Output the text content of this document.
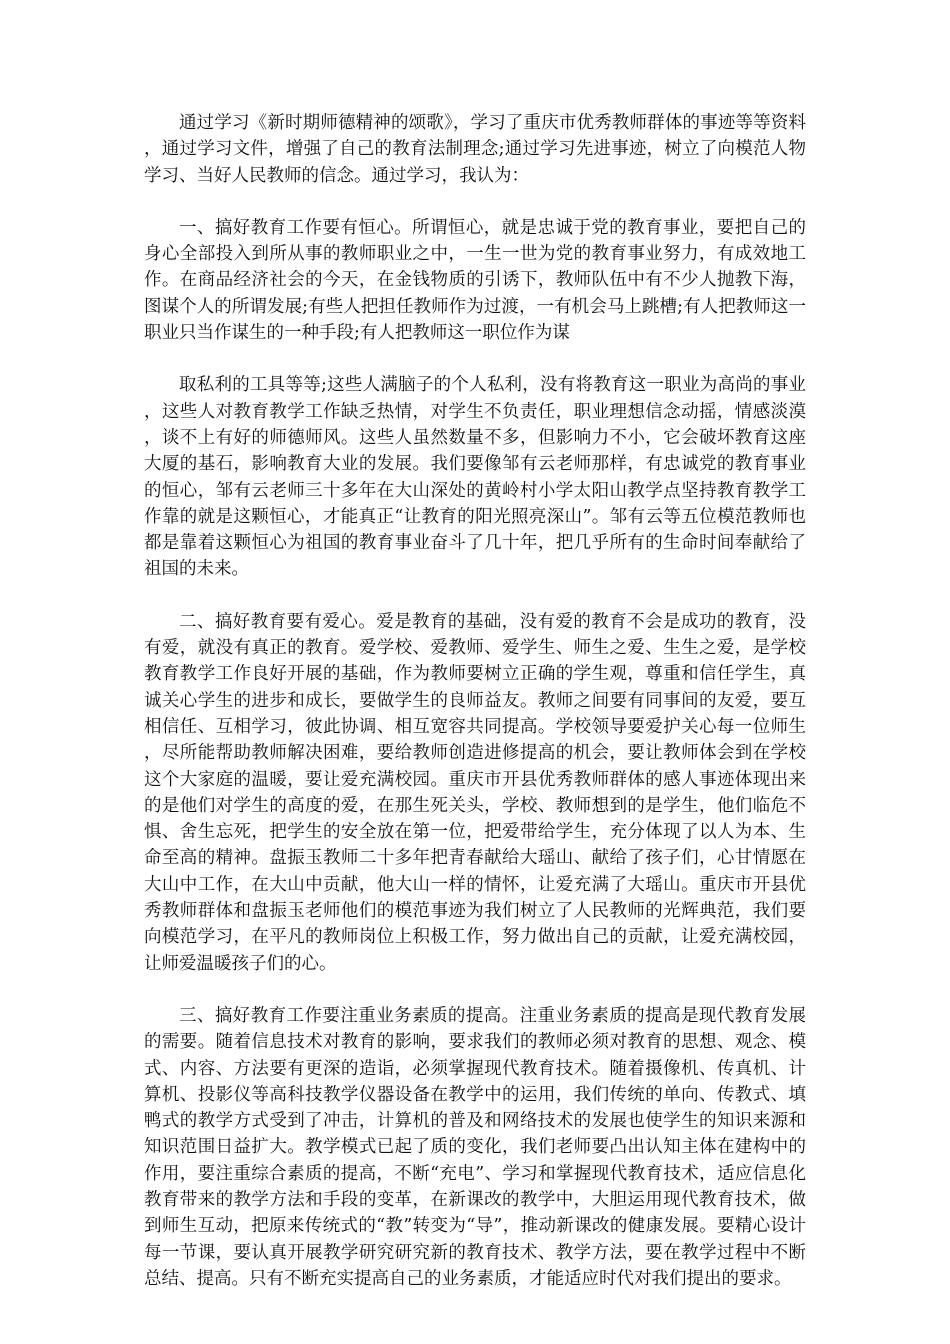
通过学习《新时期师德精神的颂歌》，学习了重庆市优秀教师群体的事迹等等资料，通过学习文件，增强了自己的教育法制理念;通过学习先进事迹，树立了向模范人物学习、当好人民教师的信念。通过学习，我认为：

一、搞好教育工作要有恒心。所谓恒心，就是忠诚于党的教育事业，要把自己的身心全部投入到所从事的教师职业之中，一生一世为党的教育事业努力，有成效地工作。在商品经济社会的今天，在金钱物质的引诱下，教师队伍中有不少人抛教下海，图谋个人的所谓发展;有些人把担任教师作为过渡，一有机会马上跳槽;有人把教师这一职业只当作谋生的一种手段;有人把教师这一职位作为谋

取私利的工具等等;这些人满脑子的个人私利，没有将教育这一职业为高尚的事业，这些人对教育教学工作缺乏热情，对学生不负责任，职业理想信念动摇，情感淡漠，谈不上有好的师德师风。这些人虽然数量不多，但影响力不小，它会破坏教育这座大厦的基石，影响教育大业的发展。我们要像邹有云老师那样，有忠诚党的教育事业的恒心，邹有云老师三十多年在大山深处的黄岭村小学太阳山教学点坚持教育教学工作靠的就是这颗恒心，才能真正“让教育的阳光照亮深山”。邹有云等五位模范教师也都是靠着这颗恒心为祖国的教育事业奋斗了几十年，把几乎所有的生命时间奉献给了祖国的未来。

二、搞好教育要有爱心。爱是教育的基础，没有爱的教育不会是成功的教育，没有爱，就没有真正的教育。爱学校、爱教师、爱学生、师生之爱、生生之爱，是学校教育教学工作良好开展的基础，作为教师要树立正确的学生观，尊重和信任学生，真诚关心学生的进步和成长，要做学生的良师益友。教师之间要有同事间的友爱，要互相信任、互相学习，彼此协调、相互宽容共同提高。学校领导要爱护关心每一位师生，尽所能帮助教师解决困难，要给教师创造进修提高的机会，要让教师体会到在学校这个大家庭的温暖，要让爱充满校园。重庆市开县优秀教师群体的感人事迹体现出来的是他们对学生的高度的爱，在那生死关头，学校、教师想到的是学生，他们临危不惧、舍生忘死，把学生的安全放在第一位，把爱带给学生，充分体现了以人为本、生命至高的精神。盘振玉教师二十多年把青春献给大瑶山、献给了孩子们，心甘情愿在大山中工作，在大山中贡献，他大山一样的情怀，让爱充满了大瑶山。重庆市开县优秀教师群体和盘振玉老师他们的模范事迹为我们树立了人民教师的光辉典范，我们要向模范学习，在平凡的教师岗位上积极工作，努力做出自己的贡献，让爱充满校园，让师爱温暖孩子们的心。

三、搞好教育工作要注重业务素质的提高。注重业务素质的提高是现代教育发展的需要。随着信息技术对教育的影响，要求我们的教师必须对教育的思想、观念、模式、内容、方法要有更深的造诣，必须掌握现代教育技术。随着摄像机、传真机、计算机、投影仪等高科技教学仪器设备在教学中的运用，我们传统的单向、传教式、填鸭式的教学方式受到了冲击，计算机的普及和网络技术的发展也使学生的知识来源和知识范围日益扩大。教学模式已起了质的变化，我们老师要凸出认知主体在建构中的作用，要注重综合素质的提高，不断“充电”、学习和掌握现代教育技术，适应信息化教育带来的教学方法和手段的变革，在新课改的教学中，大胆运用现代教育技术，做到师生互动，把原来传统式的“教”转变为“导”，推动新课改的健康发展。要精心设计每一节课，要认真开展教学研究研究新的教育技术、教学方法，要在教学过程中不断总结、提高。只有不断充实提高自己的业务素质，才能适应时代对我们提出的要求。
